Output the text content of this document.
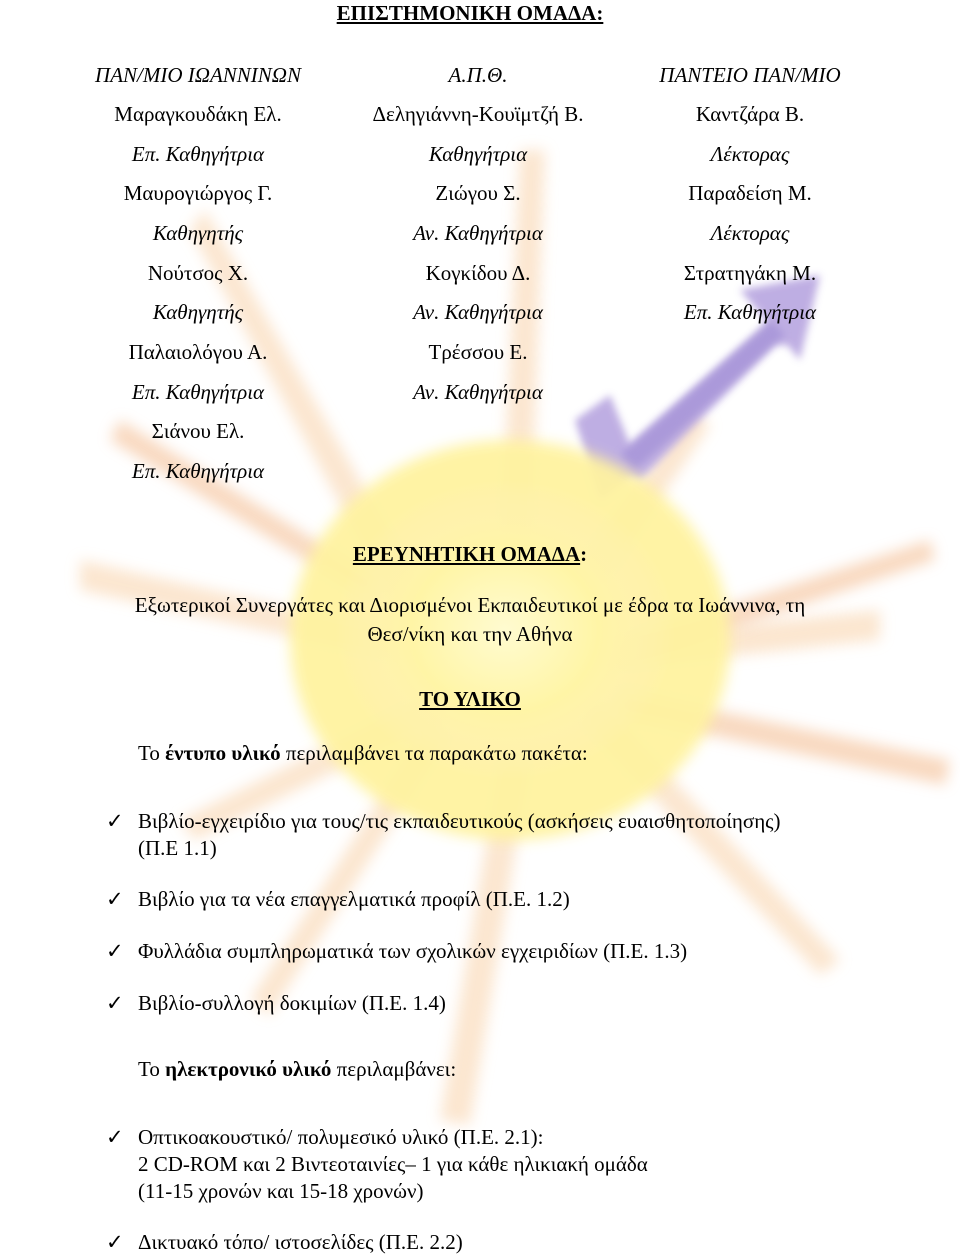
ΕΠΙΣΤΗΜΟΝΙΚΗ ΟΜΑΔΑ:
ΠΑΝ/ΜΙΟ ΙΩΑΝΝΙΝΩΝ
Μαραγκουδάκη Ελ.
Επ. Καθηγήτρια
Μαυρογιώργος Γ.
Καθηγητής
Νούτσος Χ.
Καθηγητής
Παλαιολόγου Α.
Επ. Καθηγήτρια
Σιάνου Ελ.
Επ. Καθηγήτρια
Α.Π.Θ.
Δεληγιάννη-Κουϊμτζή Β.
Καθηγήτρια
Ζιώγου Σ.
Αν. Καθηγήτρια
Κογκίδου Δ.
Αν. Καθηγήτρια
Τρέσσου Ε.
Αν. Καθηγήτρια
ΠΑΝΤΕΙΟ ΠΑΝ/ΜΙΟ
Καντζάρα Β.
Λέκτορας
Παραδείση Μ.
Λέκτορας
Στρατηγάκη Μ.
Επ. Καθηγήτρια
ΕΡΕΥΝΗΤΙΚΗ ΟΜΑΔΑ:
Εξωτερικοί Συνεργάτες και Διορισμένοι Εκπαιδευτικοί με έδρα τα Ιωάννινα, τη
Θεσ/νίκη και την Αθήνα
ΤΟ ΥΛΙΚΟ
Το έντυπο υλικό περιλαμβάνει τα παρακάτω πακέτα:
✓ Βιβλίο-εγχειρίδιο για τους/τις εκπαιδευτικούς (ασκήσεις ευαισθητοποίησης)
(Π.Ε 1.1)
✓ Βιβλίο για τα νέα επαγγελματικά προφίλ (Π.Ε. 1.2)
✓ Φυλλάδια συμπληρωματικά των σχολικών εγχειριδίων (Π.Ε. 1.3)
✓ Βιβλίο-συλλογή δοκιμίων (Π.Ε. 1.4)
Το ηλεκτρονικό υλικό περιλαμβάνει:
✓ Οπτικοακουστικό/ πολυμεσικό υλικό (Π.Ε. 2.1):
2 CD-ROM και 2 Βιντεοταινίες– 1 για κάθε ηλικιακή ομάδα
(11-15 χρονών και 15-18 χρονών)
✓ Δικτυακό τόπο/ ιστοσελίδες (Π.Ε. 2.2)
